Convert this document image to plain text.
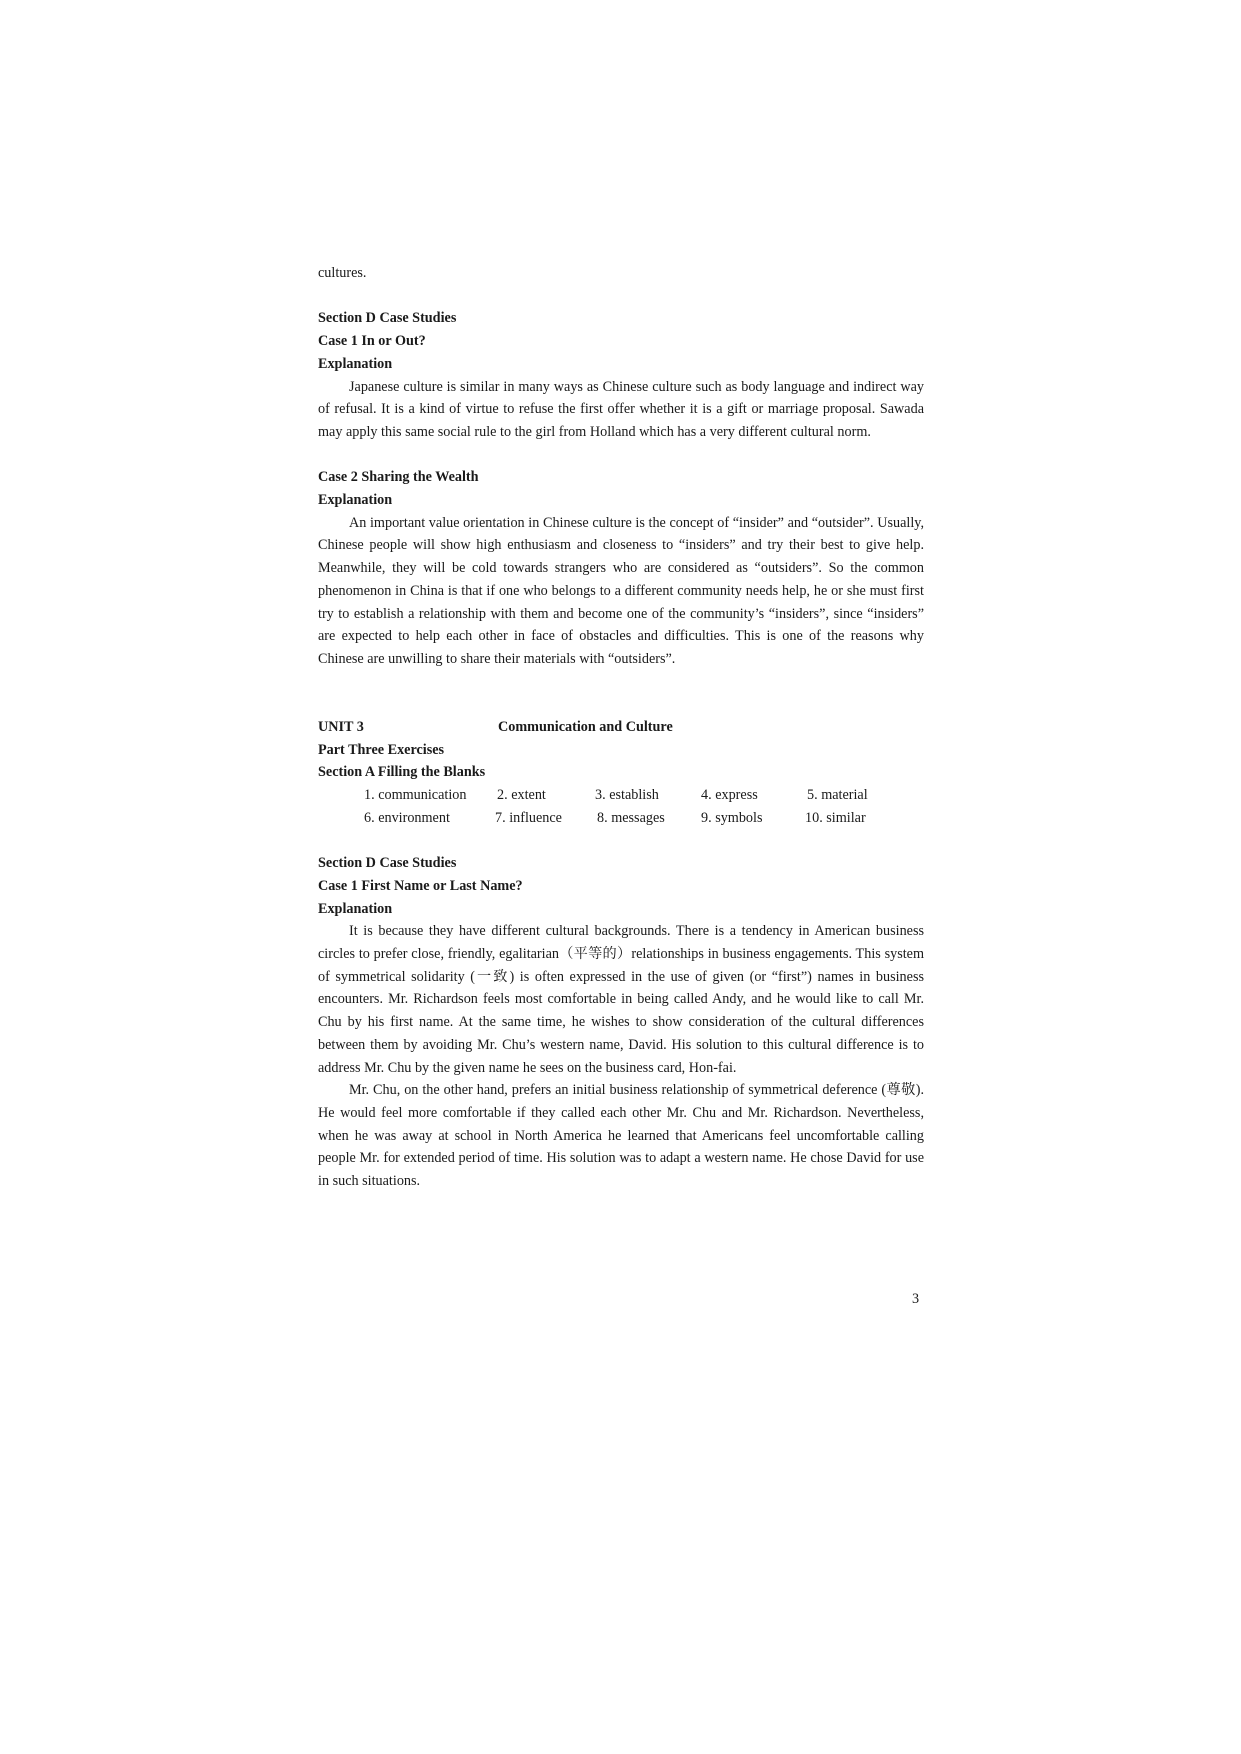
cultures.

Section D Case Studies

Case 1 In or Out?

Explanation

Japanese culture is similar in many ways as Chinese culture such as body language and indirect way of refusal. It is a kind of virtue to refuse the first offer whether it is a gift or marriage proposal. Sawada may apply this same social rule to the girl from Holland which has a very different cultural norm.

Case 2 Sharing the Wealth

Explanation

An important value orientation in Chinese culture is the concept of “insider” and “outsider”. Usually, Chinese people will show high enthusiasm and closeness to “insiders” and try their best to give help. Meanwhile, they will be cold towards strangers who are considered as “outsiders”. So the common phenomenon in China is that if one who belongs to a different community needs help, he or she must first try to establish a relationship with them and become one of the community’s “insiders”, since “insiders” are expected to help each other in face of obstacles and difficulties. This is one of the reasons why Chinese are unwilling to share their materials with “outsiders”.

UNIT 3	Communication and Culture

Part Three Exercises

Section A Filling the Blanks

1. communication	2. extent	3. establish	4. express	5. material
6. environment	7. influence	8. messages	9. symbols	10. similar

Section D Case Studies

Case 1 First Name or Last Name?

Explanation

It is because they have different cultural backgrounds. There is a tendency in American business circles to prefer close, friendly, egalitarian（平等的）relationships in business engagements. This system of symmetrical solidarity (一致) is often expressed in the use of given (or “first”) names in business encounters. Mr. Richardson feels most comfortable in being called Andy, and he would like to call Mr. Chu by his first name. At the same time, he wishes to show consideration of the cultural differences between them by avoiding Mr. Chu’s western name, David. His solution to this cultural difference is to address Mr. Chu by the given name he sees on the business card, Hon-fai.

Mr. Chu, on the other hand, prefers an initial business relationship of symmetrical deference (尊敬). He would feel more comfortable if they called each other Mr. Chu and Mr. Richardson. Nevertheless, when he was away at school in North America he learned that Americans feel uncomfortable calling people Mr. for extended period of time. His solution was to adapt a western name. He chose David for use in such situations.

3
